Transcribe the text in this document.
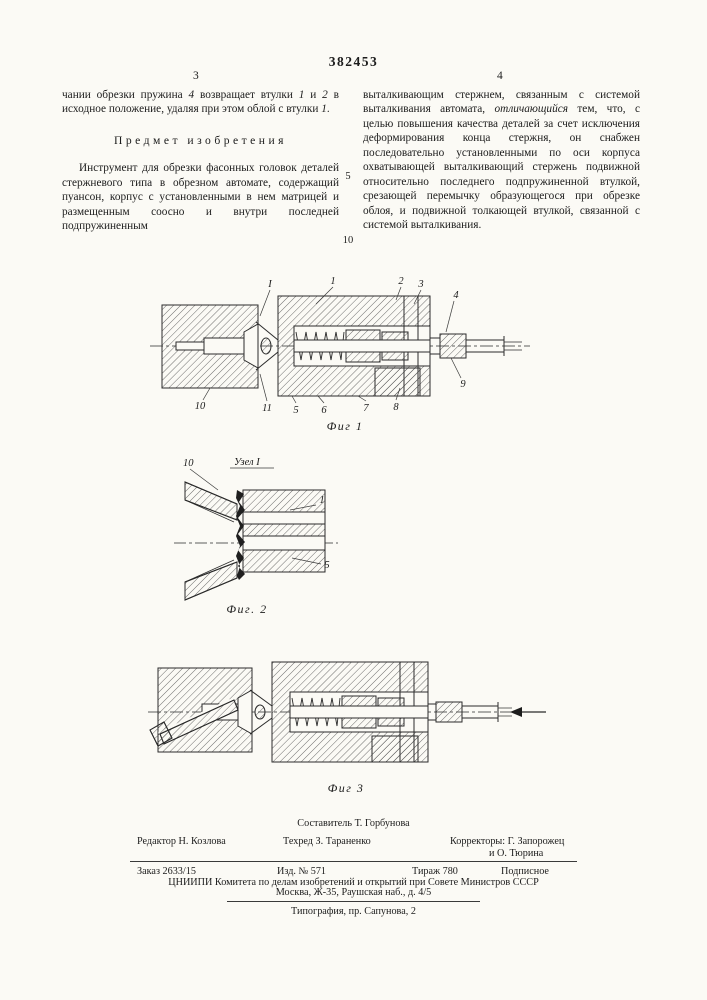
382453
3	4

чании обрезки пружина 4 возвращает втулки 1 и 2 в исходное положение, удаляя при этом облой с втулки 1.

Предмет изобретения

Инструмент для обрезки фасонных головок деталей стержневого типа в обрезном автомате, содержащий пуансон, корпус с установленными в нем матрицей и размещенным соосно и внутри последней подпружиненным

выталкивающим стержнем, связанным с системой выталкивания автомата, отличающийся тем, что, с целью повышения качества деталей за счет исключения деформирования конца стержня, он снабжен последовательно установленными по оси корпуса охватывающей выталкивающий стержень подвижной относительно последнего подпружиненной втулкой, срезающей перемычку образующегося при обрезке облоя, и подвижной толкающей втулкой, связанной с системой выталкивания.

5
10
I	1	2 3
4
9
10	11 5 6	7 8
Фиг 1
10	Узел I
1
5
Фиг. 2
Фиг 3
Составитель Т. Горбунова
Редактор Н. Козлова	Техред З. Тараненко	Корректоры: Г. Запорожец
и О. Тюрина
Заказ 2633/15	Изд. № 571	Тираж 780	Подписное
ЦНИИПИ Комитета по делам изобретений и открытий при Совете Министров СССР
Москва, Ж-35, Раушская наб., д. 4/5
Типография, пр. Сапунова, 2
